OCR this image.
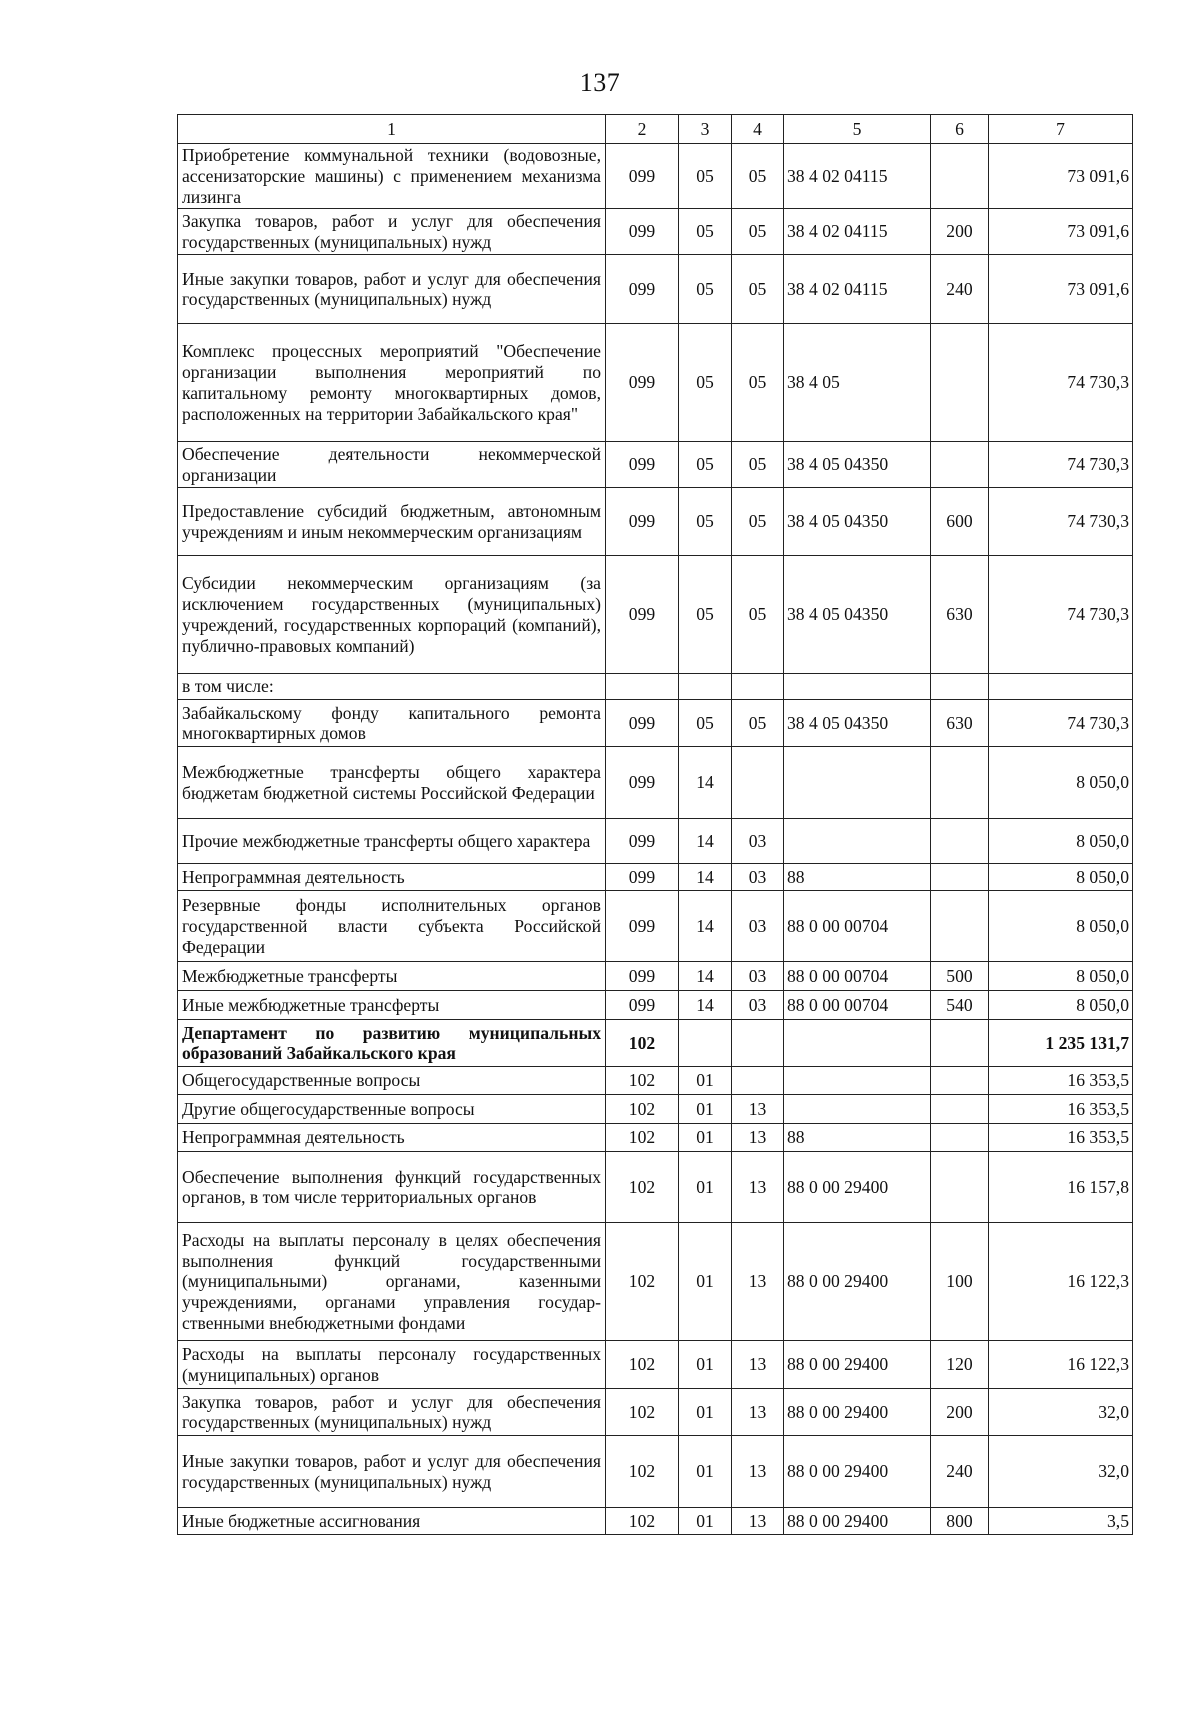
137
1	2	3	4	5	6	7
Приобретение коммунальной техники (водовозные, ассенизаторские машины) с применением механизма лизинга	099	05	05	38 4 02 04115		73 091,6
Закупка товаров, работ и услуг для обеспечения государственных (муниципальных) нужд	099	05	05	38 4 02 04115	200	73 091,6
Иные закупки товаров, работ и услуг для обеспечения государственных (муниципальных) нужд	099	05	05	38 4 02 04115	240	73 091,6
Комплекс процессных мероприятий "Обеспечение организации выполнения мероприятий по капитальному ремонту многоквартирных домов, расположенных на территории Забайкальского края"	099	05	05	38 4 05		74 730,3
Обеспечение деятельности некоммерческой организации	099	05	05	38 4 05 04350		74 730,3
Предоставление субсидий бюджетным, автономным учреждениям и иным некоммерческим организациям	099	05	05	38 4 05 04350	600	74 730,3
Субсидии некоммерческим организациям (за исключением государственных (муниципальных) учреждений, государственных корпораций (компаний), публично-правовых компаний)	099	05	05	38 4 05 04350	630	74 730,3
в том числе:						
Забайкальскому фонду капитального ремонта многоквартирных домов	099	05	05	38 4 05 04350	630	74 730,3
Межбюджетные трансферты общего характера бюджетам бюджетной системы Российской Федерации	099	14				8 050,0
Прочие межбюджетные трансферты общего характера	099	14	03			8 050,0
Непрограммная деятельность	099	14	03	88		8 050,0
Резервные фонды исполнительных органов государственной власти субъекта Российской Федерации	099	14	03	88 0 00 00704		8 050,0
Межбюджетные трансферты	099	14	03	88 0 00 00704	500	8 050,0
Иные межбюджетные трансферты	099	14	03	88 0 00 00704	540	8 050,0
Департамент по развитию муниципальных образований Забайкальского края	102					1 235 131,7
Общегосударственные вопросы	102	01				16 353,5
Другие общегосударственные вопросы	102	01	13			16 353,5
Непрограммная деятельность	102	01	13	88		16 353,5
Обеспечение выполнения функций государственных органов, в том числе территориальных органов	102	01	13	88 0 00 29400		16 157,8
Расходы на выплаты персоналу в целях обеспечения выполнения функций государственными (муниципальными) органами, казенными учреждениями, органами управления государственными внебюджетными фондами	102	01	13	88 0 00 29400	100	16 122,3
Расходы на выплаты персоналу государственных (муниципальных) органов	102	01	13	88 0 00 29400	120	16 122,3
Закупка товаров, работ и услуг для обеспечения государственных (муниципальных) нужд	102	01	13	88 0 00 29400	200	32,0
Иные закупки товаров, работ и услуг для обеспечения государственных (муниципальных) нужд	102	01	13	88 0 00 29400	240	32,0
Иные бюджетные ассигнования	102	01	13	88 0 00 29400	800	3,5
